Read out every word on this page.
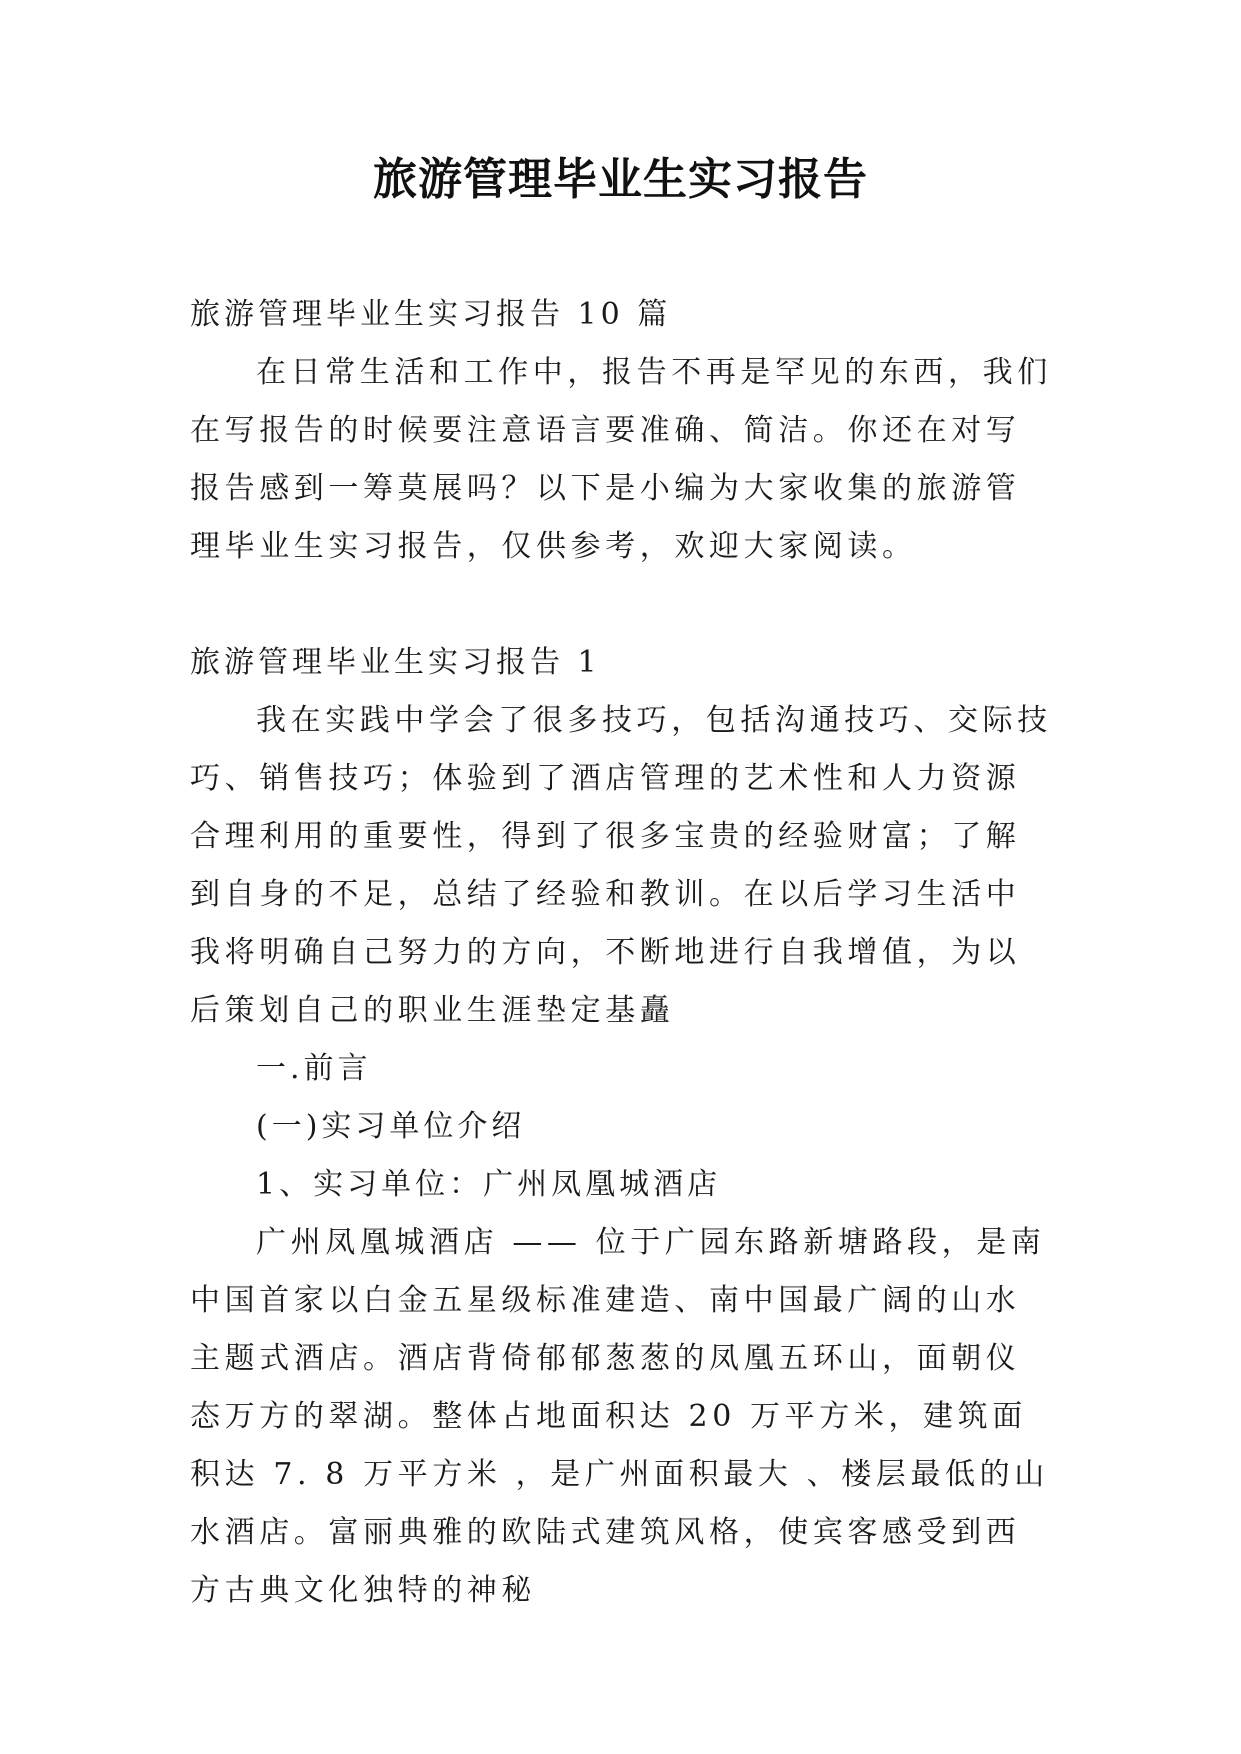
旅游管理毕业生实习报告
旅游管理毕业生实习报告 10 篇

在日常生活和工作中，报告不再是罕见的东西，我们在写报告的时候要注意语言要准确、简洁。你还在对写报告感到一筹莫展吗？以下是小编为大家收集的旅游管理毕业生实习报告，仅供参考，欢迎大家阅读。

旅游管理毕业生实习报告 1

我在实践中学会了很多技巧，包括沟通技巧、交际技巧、销售技巧；体验到了酒店管理的艺术性和人力资源合理利用的重要性，得到了很多宝贵的经验财富；了解到自身的不足，总结了经验和教训。在以后学习生活中我将明确自己努力的方向，不断地进行自我增值，为以后策划自己的职业生涯垫定基矗

一.前言
(一)实习单位介绍
1、实习单位：广州凤凰城酒店

广州凤凰城酒店 —— 位于广园东路新塘路段，是南中国首家以白金五星级标准建造、南中国最广阔的山水主题式酒店。酒店背倚郁郁葱葱的凤凰五环山，面朝仪态万方的翠湖。整体占地面积达 20 万平方米，建筑面积达 7. 8 万平方米 ，是广州面积最大 、楼层最低的山水酒店。富丽典雅的欧陆式建筑风格，使宾客感受到西方古典文化独特的神秘
